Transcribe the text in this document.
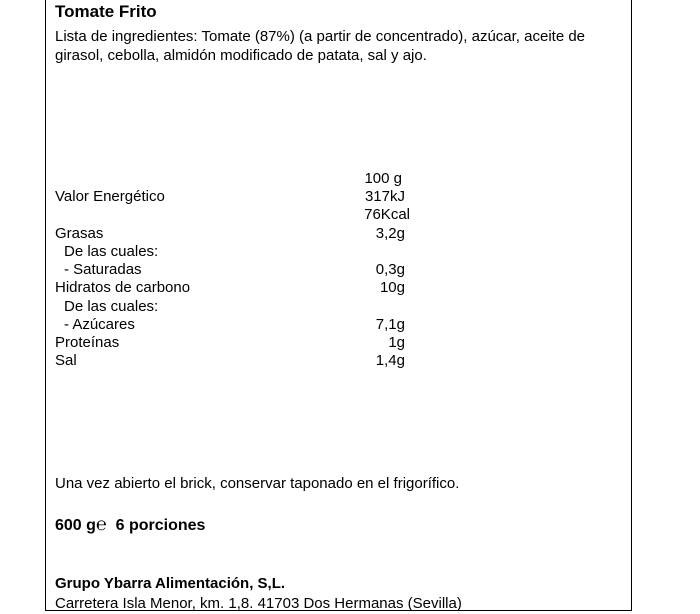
Tomate Frito
Lista de ingredientes: Tomate (87%) (a partir de concentrado), azúcar, aceite de girasol, cebolla, almidón modificado de patata, sal y ajo.
100 g
Valor Energético	317kJ
76Kcal
Grasas	3,2g
De las cuales:
- Saturadas	0,3g
Hidratos de carbono	10g
De las cuales:
- Azúcares	7,1g
Proteínas	1g
Sal	1,4g
Una vez abierto el brick, conservar taponado en el frigorífico.
600 g℮ 6 porciones
Grupo Ybarra Alimentación, S,L.
Carretera Isla Menor, km. 1,8. 41703 Dos Hermanas (Sevilla)
